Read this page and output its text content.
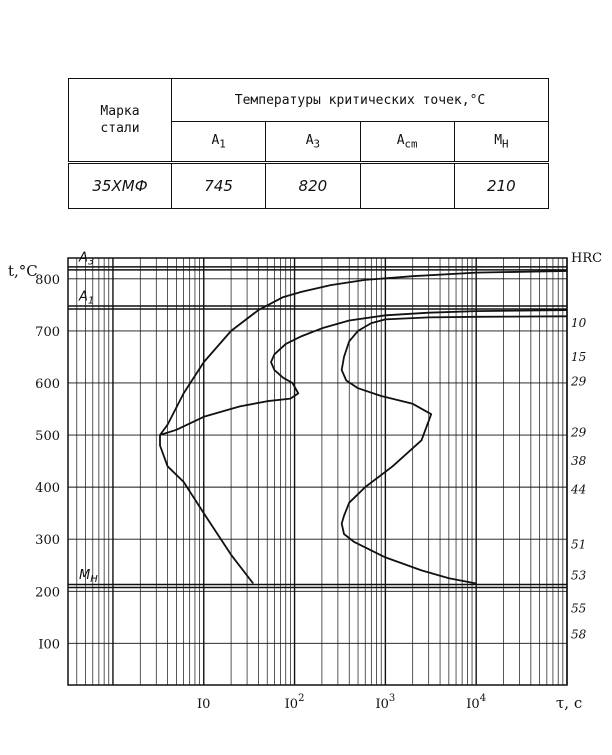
Марка
стали	Температуры критических точек,°C			
	$A_1$	$A_3$	$A_{cm}$	$M_H$
35ХМФ	745	820		210
800
700
600
500
400
300
200
I00
I0	$I0^2$	$I0^3$	$I0^4$
10
15
29
29
38
44
51
53
55
58
$A_3$
$A_1$
$M_H$
t,°C
HRC
τ, c
